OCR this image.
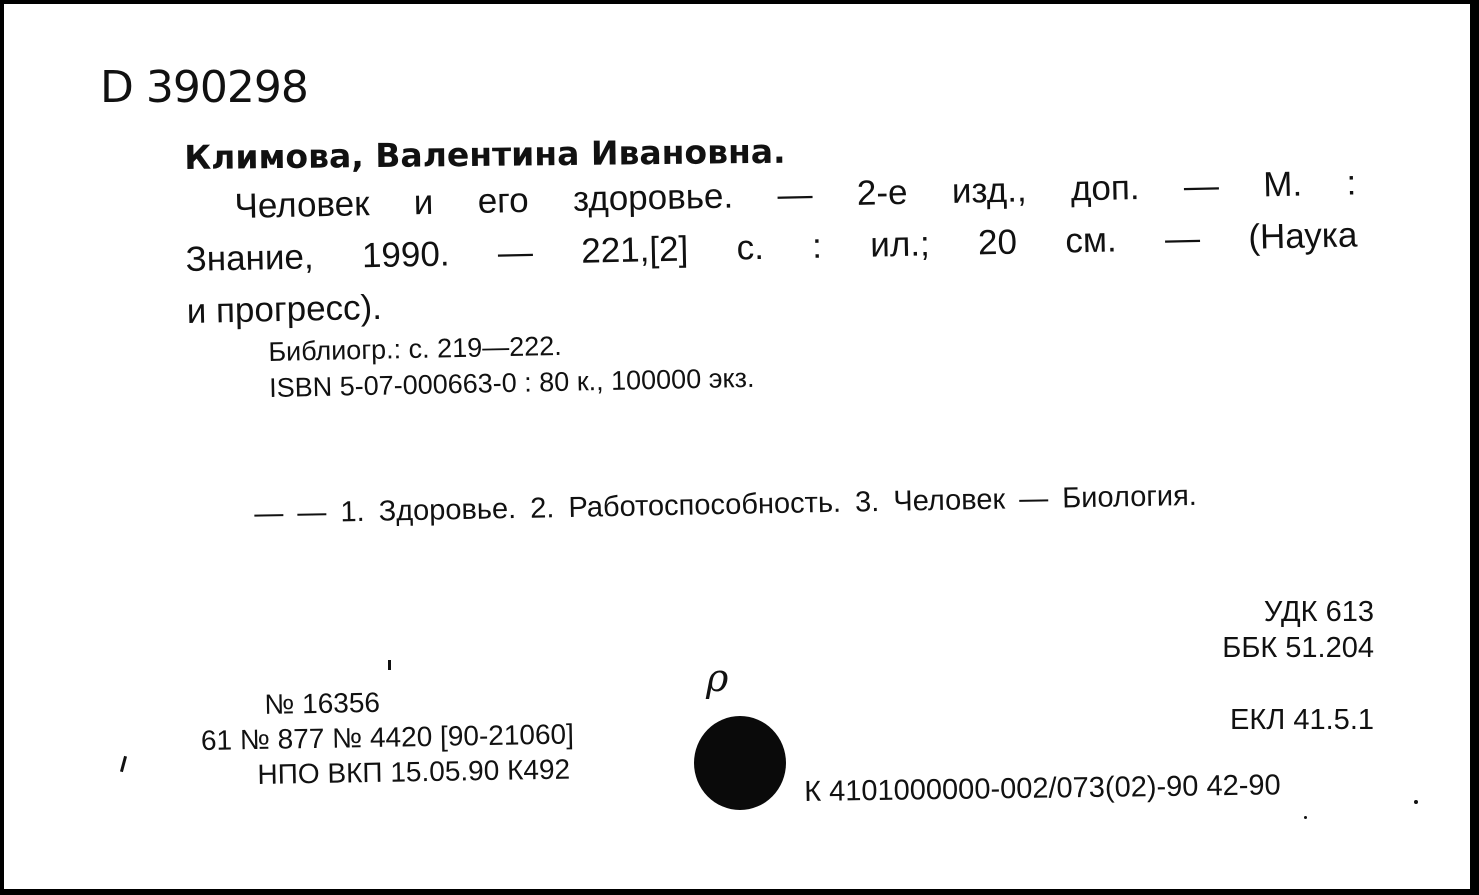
D 390298
Климова, Валентина Ивановна.
Человек и его здоровье. — 2-е изд., доп. — М. :
Знание, 1990. — 221,[2] с. : ил.; 20 см. — (Наука
и прогресс).
Библиогр.: с. 219—222.
ISBN 5-07-000663-0 : 80 к., 100000 экз.
— — 1. Здоровье. 2. Работоспособность. 3. Человек — Биология.
УДК 613
ББК 51.204
ЕКЛ 41.5.1
№ 16356
61 № 877 № 4420 [90-21060]
НПО ВКП 15.05.90 К492
ρ
К 4101000000-002/073(02)-90 42-90
